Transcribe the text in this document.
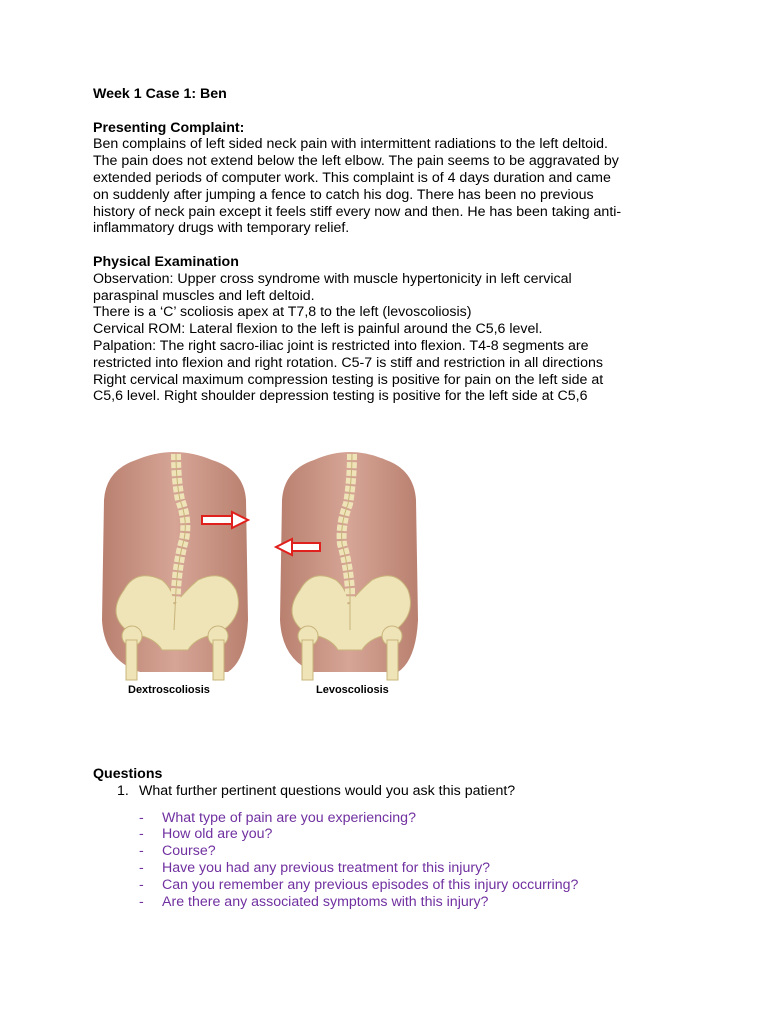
Week 1 Case 1: Ben
Presenting Complaint:
Ben complains of left sided neck pain with intermittent radiations to the left deltoid.
The pain does not extend below the left elbow. The pain seems to be aggravated by
extended periods of computer work. This complaint is of 4 days duration and came
on suddenly after jumping a fence to catch his dog. There has been no previous
history of neck pain except it feels stiff every now and then. He has been taking anti-
inflammatory drugs with temporary relief.
Physical Examination
Observation: Upper cross syndrome with muscle hypertonicity in left cervical
paraspinal muscles and left deltoid.
There is a ‘C’ scoliosis apex at T7,8 to the left (levoscoliosis)
Cervical ROM: Lateral flexion to the left is painful around the C5,6 level.
Palpation: The right sacro-iliac joint is restricted into flexion. T4-8 segments are
restricted into flexion and right rotation. C5-7 is stiff and restriction in all directions
Right cervical maximum compression testing is positive for pain on the left side at
C5,6 level. Right shoulder depression testing is positive for the left side at C5,6
Dextroscoliosis	Levoscoliosis
Questions
1. What further pertinent questions would you ask this patient?
- What type of pain are you experiencing?
- How old are you?
- Course?
- Have you had any previous treatment for this injury?
- Can you remember any previous episodes of this injury occurring?
- Are there any associated symptoms with this injury?
